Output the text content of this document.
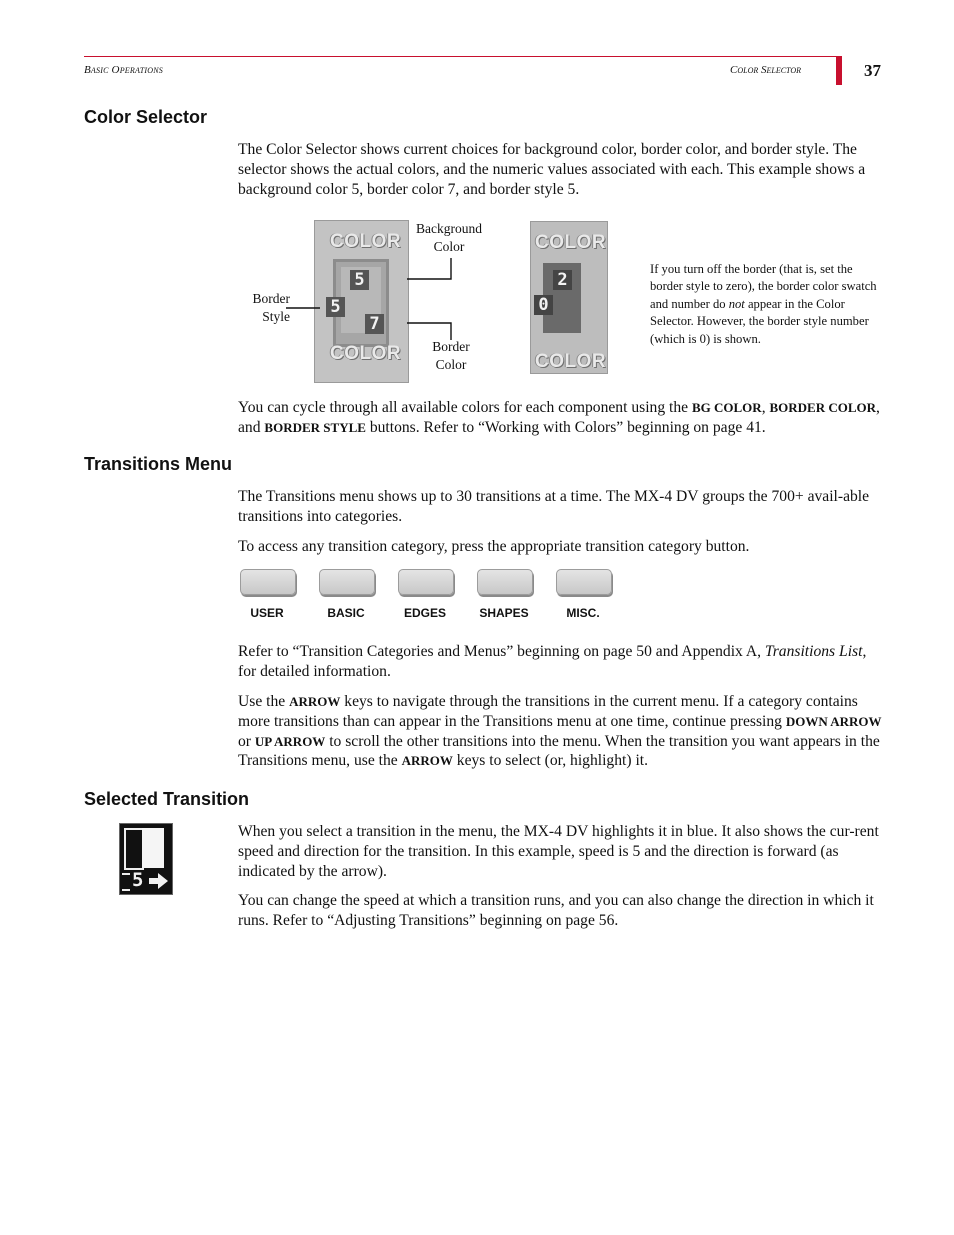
Basic Operations	Color Selector	37
Color Selector

The Color Selector shows current choices for background color, border color, and border style. The selector shows the actual colors, and the numeric values associated with each. This example shows a background color 5, border color 7, and border style 5.

COLOR
5
5
7
COLOR
Background
Color
Border
Style
Border
Color
COLOR
2
0
COLOR

If you turn off the border (that is, set the border style to zero), the border color swatch and number do not appear in the Color Selector. However, the border style number (which is 0) is shown.

You can cycle through all available colors for each component using the BG COLOR, BORDER COLOR, and BORDER STYLE buttons. Refer to “Working with Colors” beginning on page 41.

Transitions Menu

The Transitions menu shows up to 30 transitions at a time. The MX-4 DV groups the 700+ avail-able transitions into categories.

To access any transition category, press the appropriate transition category button.

USER	BASIC	EDGES	SHAPES	MISC.

Refer to “Transition Categories and Menus” beginning on page 50 and Appendix A, Transitions List, for detailed information.

Use the ARROW keys to navigate through the transitions in the current menu. If a category contains more transitions than can appear in the Transitions menu at one time, continue pressing DOWN ARROW or UP ARROW to scroll the other transitions into the menu. When the transition you want appears in the Transitions menu, use the ARROW keys to select (or, highlight) it.

Selected Transition
5

When you select a transition in the menu, the MX-4 DV highlights it in blue. It also shows the cur-rent speed and direction for the transition. In this example, speed is 5 and the direction is forward (as indicated by the arrow).

You can change the speed at which a transition runs, and you can also change the direction in which it runs. Refer to “Adjusting Transitions” beginning on page 56.
